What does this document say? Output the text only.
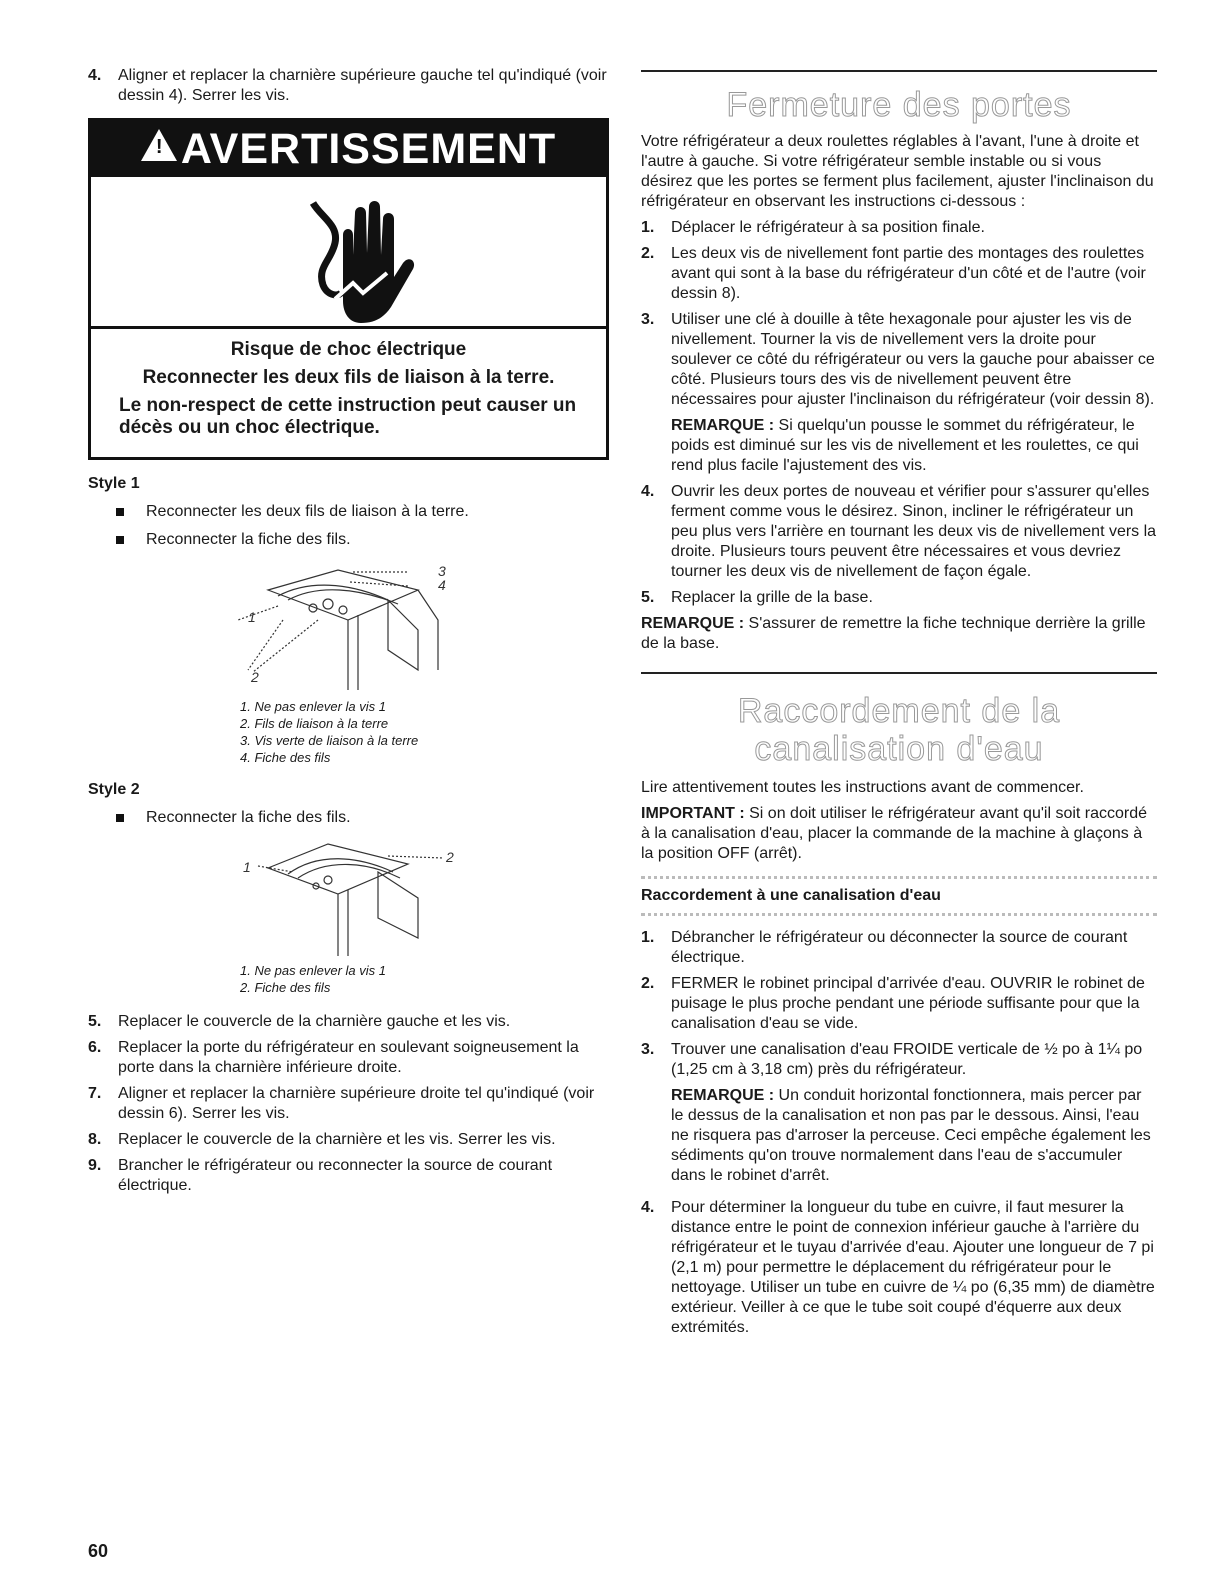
4.	Aligner et replacer la charnière supérieure gauche tel qu'indiqué (voir dessin 4). Serrer les vis.
! AVERTISSEMENT

Risque de choc électrique

Reconnecter les deux fils de liaison à la terre.

Le non-respect de cette instruction peut causer un décès ou un choc électrique.

Style 1
Reconnecter les deux fils de liaison à la terre.
Reconnecter la fiche des fils.
1
2
3
4
1. Ne pas enlever la vis 1
2. Fils de liaison à la terre
3. Vis verte de liaison à la terre
4. Fiche des fils
Style 2
Reconnecter la fiche des fils.
1
2
1. Ne pas enlever la vis 1
2. Fiche des fils
5.	Replacer le couvercle de la charnière gauche et les vis.
6.	Replacer la porte du réfrigérateur en soulevant soigneusement la porte dans la charnière inférieure droite.
7.	Aligner et replacer la charnière supérieure droite tel qu'indiqué (voir dessin 6). Serrer les vis.
8.	Replacer le couvercle de la charnière et les vis. Serrer les vis.
9.	Brancher le réfrigérateur ou reconnecter la source de courant électrique.
Fermeture des portes

Votre réfrigérateur a deux roulettes réglables à l'avant, l'une à droite et l'autre à gauche. Si votre réfrigérateur semble instable ou si vous désirez que les portes se ferment plus facilement, ajuster l'inclinaison du réfrigérateur en observant les instructions ci-dessous :

1.	Déplacer le réfrigérateur à sa position finale.
2.	Les deux vis de nivellement font partie des montages des roulettes avant qui sont à la base du réfrigérateur d'un côté et de l'autre (voir dessin 8).
3.	Utiliser une clé à douille à tête hexagonale pour ajuster les vis de nivellement. Tourner la vis de nivellement vers la droite pour soulever ce côté du réfrigérateur ou vers la gauche pour abaisser ce côté. Plusieurs tours des vis de nivellement peuvent être nécessaires pour ajuster l'inclinaison du réfrigérateur (voir dessin 8).

REMARQUE : Si quelqu'un pousse le sommet du réfrigérateur, le poids est diminué sur les vis de nivellement et les roulettes, ce qui rend plus facile l'ajustement des vis.

4.	Ouvrir les deux portes de nouveau et vérifier pour s'assurer qu'elles ferment comme vous le désirez. Sinon, incliner le réfrigérateur un peu plus vers l'arrière en tournant les deux vis de nivellement vers la droite. Plusieurs tours peuvent être nécessaires et vous devriez tourner les deux vis de nivellement de façon égale.
5.	Replacer la grille de la base.

REMARQUE : S'assurer de remettre la fiche technique derrière la grille de la base.

Raccordement de la
canalisation d'eau

Lire attentivement toutes les instructions avant de commencer.

IMPORTANT : Si on doit utiliser le réfrigérateur avant qu'il soit raccordé à la canalisation d'eau, placer la commande de la machine à glaçons à la position OFF (arrêt).

Raccordement à une canalisation d'eau
1.	Débrancher le réfrigérateur ou déconnecter la source de courant électrique.
2.	FERMER le robinet principal d'arrivée d'eau. OUVRIR le robinet de puisage le plus proche pendant une période suffisante pour que la canalisation d'eau se vide.
3.	Trouver une canalisation d'eau FROIDE verticale de ½ po à 1¼ po (1,25 cm à 3,18 cm) près du réfrigérateur.

REMARQUE : Un conduit horizontal fonctionnera, mais percer par le dessus de la canalisation et non pas par le dessous. Ainsi, l'eau ne risquera pas d'arroser la perceuse. Ceci empêche également les sédiments qu'on trouve normalement dans l'eau de s'accumuler dans le robinet d'arrêt.

4.	Pour déterminer la longueur du tube en cuivre, il faut mesurer la distance entre le point de connexion inférieur gauche à l'arrière du réfrigérateur et le tuyau d'arrivée d'eau. Ajouter une longueur de 7 pi (2,1 m) pour permettre le déplacement du réfrigérateur pour le nettoyage. Utiliser un tube en cuivre de ¼ po (6,35 mm) de diamètre extérieur. Veiller à ce que le tube soit coupé d'équerre aux deux extrémités.
60
